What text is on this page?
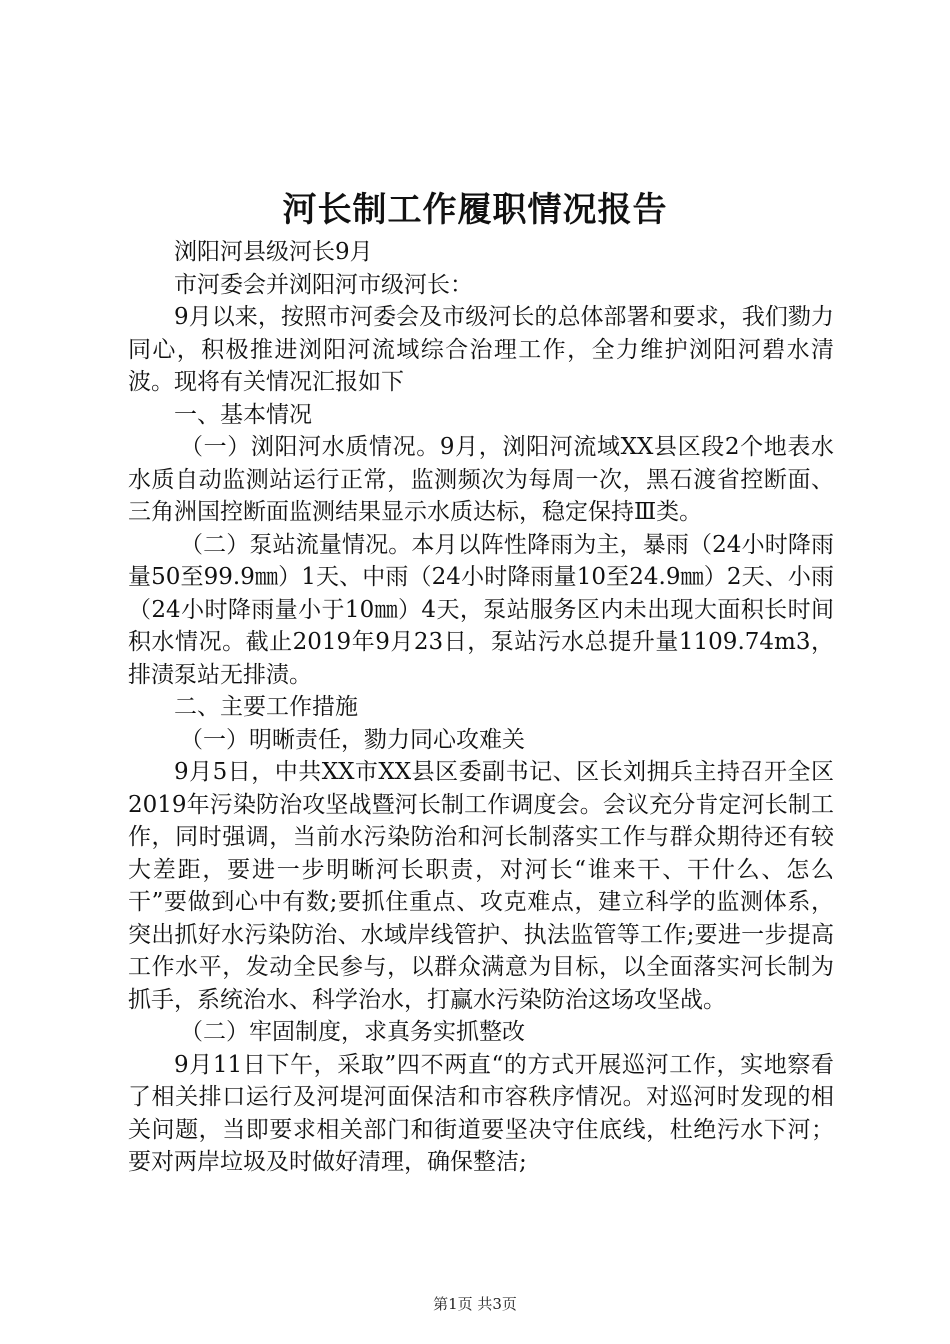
河长制工作履职情况报告

浏阳河县级河长9月

市河委会并浏阳河市级河长：

9月以来，按照市河委会及市级河长的总体部署和要求，我们勠力同心，积极推进浏阳河流域综合治理工作，全力维护浏阳河碧水清波。现将有关情况汇报如下

一、基本情况

（一）浏阳河水质情况。9月，浏阳河流域XX县区段2个地表水水质自动监测站运行正常，监测频次为每周一次，黑石渡省控断面、三角洲国控断面监测结果显示水质达标，稳定保持Ⅲ类。

（二）泵站流量情况。本月以阵性降雨为主，暴雨（24小时降雨量50至99.9㎜）1天、中雨（24小时降雨量10至24.9㎜）2天、小雨（24小时降雨量小于10㎜）4天，泵站服务区内未出现大面积长时间积水情况。截止2019年9月23日，泵站污水总提升量1109.74m3，排渍泵站无排渍。

二、主要工作措施

（一）明晰责任，勠力同心攻难关

9月5日，中共XX市XX县区委副书记、区长刘拥兵主持召开全区2019年污染防治攻坚战暨河长制工作调度会。会议充分肯定河长制工作，同时强调，当前水污染防治和河长制落实工作与群众期待还有较大差距，要进一步明晰河长职责，对河长“谁来干、干什么、怎么干”要做到心中有数;要抓住重点、攻克难点，建立科学的监测体系，突出抓好水污染防治、水域岸线管护、执法监管等工作;要进一步提高工作水平，发动全民参与，以群众满意为目标，以全面落实河长制为抓手，系统治水、科学治水，打赢水污染防治这场攻坚战。

（二）牢固制度，求真务实抓整改

9月11日下午，采取”四不两直“的方式开展巡河工作，实地察看了相关排口运行及河堤河面保洁和市容秩序情况。对巡河时发现的相关问题，当即要求相关部门和街道要坚决守住底线，杜绝污水下河；要对两岸垃圾及时做好清理，确保整洁;

第1页 共3页
